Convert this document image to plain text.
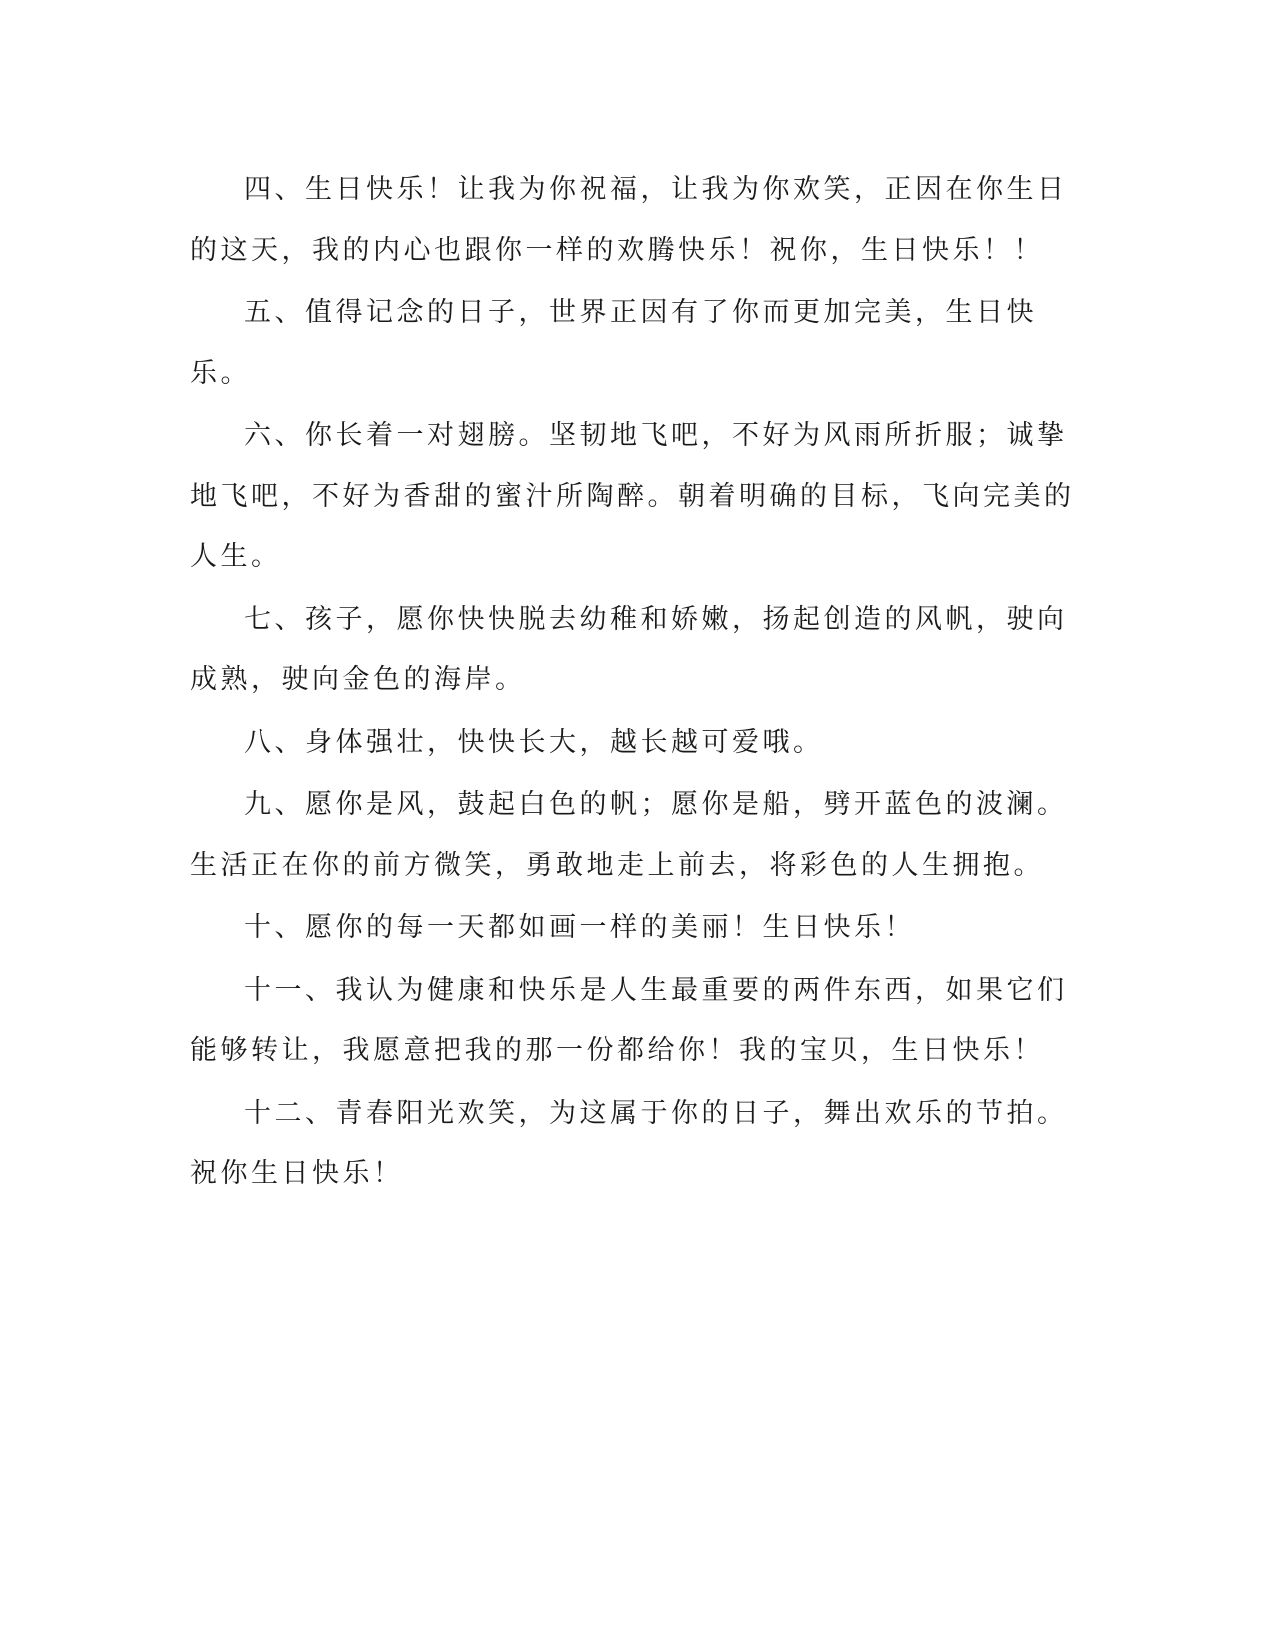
四、生日快乐！让我为你祝福，让我为你欢笑，正因在你生日的这天，我的内心也跟你一样的欢腾快乐！祝你，生日快乐！！

五、值得记念的日子，世界正因有了你而更加完美，生日快乐。

六、你长着一对翅膀。坚韧地飞吧，不好为风雨所折服；诚挚地飞吧，不好为香甜的蜜汁所陶醉。朝着明确的目标，飞向完美的人生。

七、孩子，愿你快快脱去幼稚和娇嫩，扬起创造的风帆，驶向成熟，驶向金色的海岸。

八、身体强壮，快快长大，越长越可爱哦。

九、愿你是风，鼓起白色的帆；愿你是船，劈开蓝色的波澜。生活正在你的前方微笑，勇敢地走上前去，将彩色的人生拥抱。

十、愿你的每一天都如画一样的美丽！生日快乐！

十一、我认为健康和快乐是人生最重要的两件东西，如果它们能够转让，我愿意把我的那一份都给你！我的宝贝，生日快乐！

十二、青春阳光欢笑，为这属于你的日子，舞出欢乐的节拍。祝你生日快乐！
